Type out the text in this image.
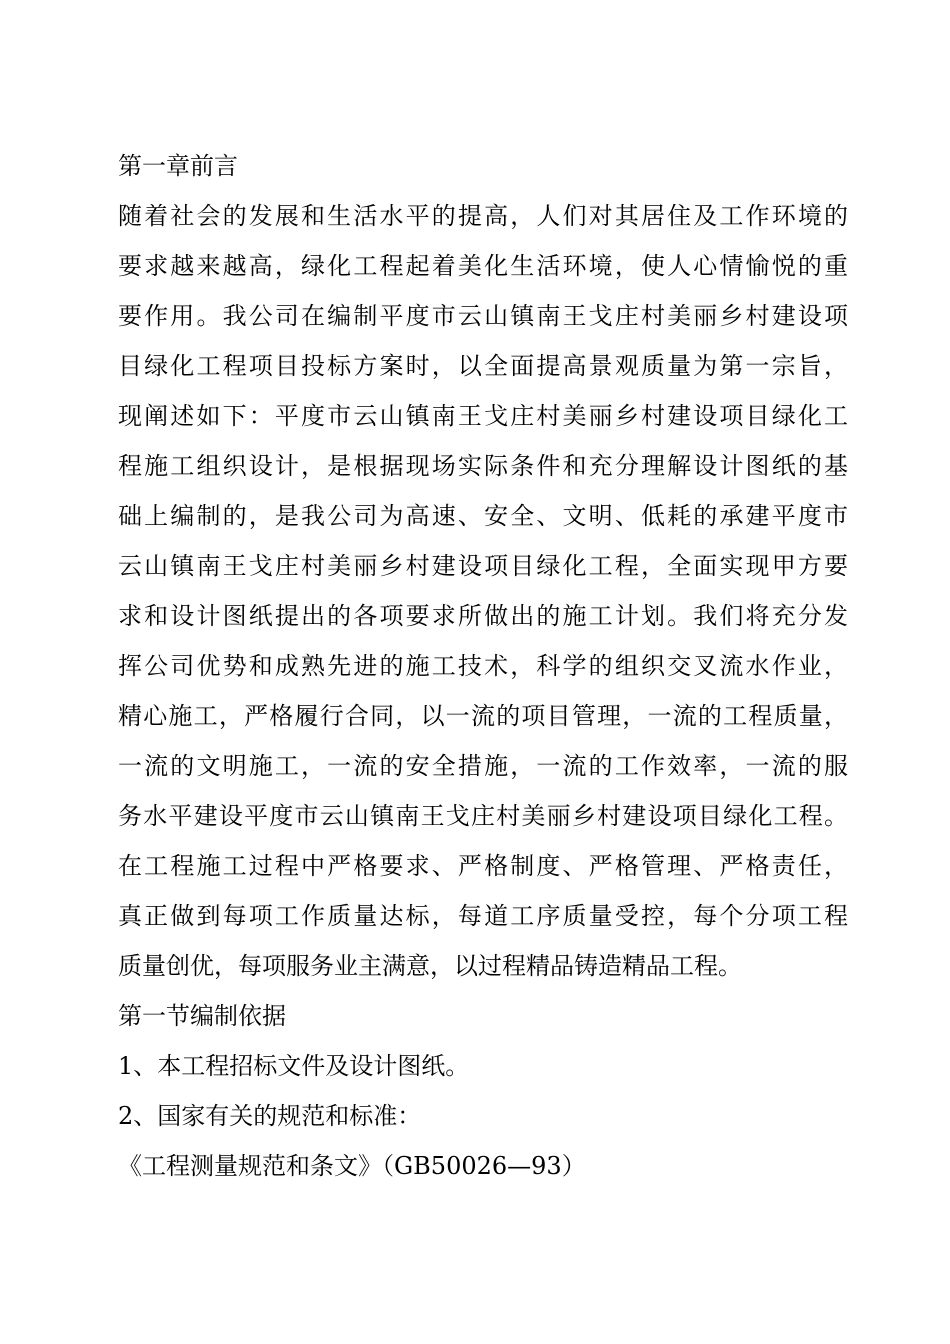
第一章前言
随着社会的发展和生活水平的提高，人们对其居住及工作环境的
要求越来越高，绿化工程起着美化生活环境，使人心情愉悦的重
要作用。我公司在编制平度市云山镇南王戈庄村美丽乡村建设项
目绿化工程项目投标方案时，以全面提高景观质量为第一宗旨，
现阐述如下：平度市云山镇南王戈庄村美丽乡村建设项目绿化工
程施工组织设计，是根据现场实际条件和充分理解设计图纸的基
础上编制的，是我公司为高速、安全、文明、低耗的承建平度市
云山镇南王戈庄村美丽乡村建设项目绿化工程，全面实现甲方要
求和设计图纸提出的各项要求所做出的施工计划。我们将充分发
挥公司优势和成熟先进的施工技术，科学的组织交叉流水作业，
精心施工，严格履行合同，以一流的项目管理，一流的工程质量，
一流的文明施工，一流的安全措施，一流的工作效率，一流的服
务水平建设平度市云山镇南王戈庄村美丽乡村建设项目绿化工程。
在工程施工过程中严格要求、严格制度、严格管理、严格责任，
真正做到每项工作质量达标，每道工序质量受控，每个分项工程
质量创优，每项服务业主满意，以过程精品铸造精品工程。
第一节编制依据
1、本工程招标文件及设计图纸。
2、国家有关的规范和标准：
《工程测量规范和条文》（GB50026—93）
